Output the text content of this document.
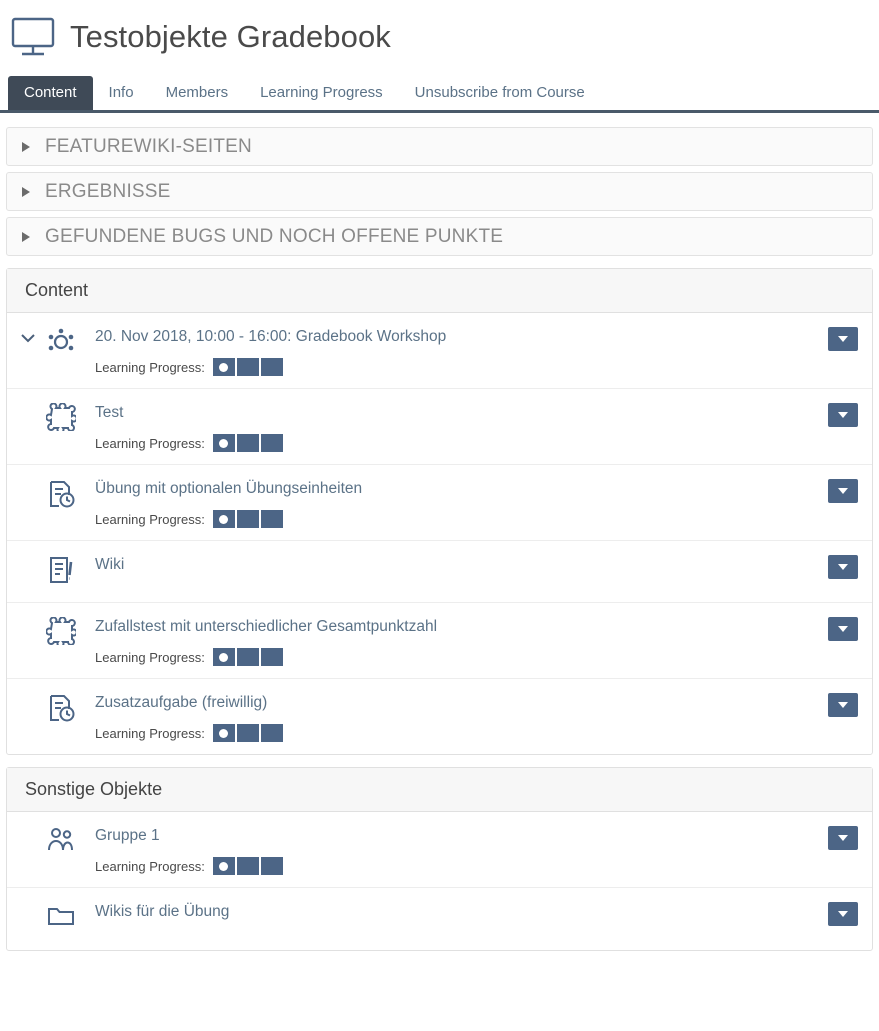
Testobjekte Gradebook
Content	Info	Members	Learning Progress	Unsubscribe from Course
FEATUREWIKI-SEITEN
ERGEBNISSE
GEFUNDENE BUGS UND NOCH OFFENE PUNKTE
Content
20. Nov 2018, 10:00 - 16:00: Gradebook Workshop
Learning Progress:
Test
Learning Progress:
Übung mit optionalen Übungseinheiten
Learning Progress:
Wiki
Zufallstest mit unterschiedlicher Gesamtpunktzahl
Learning Progress:
Zusatzaufgabe (freiwillig)
Learning Progress:
Sonstige Objekte
Gruppe 1
Learning Progress:
Wikis für die Übung
